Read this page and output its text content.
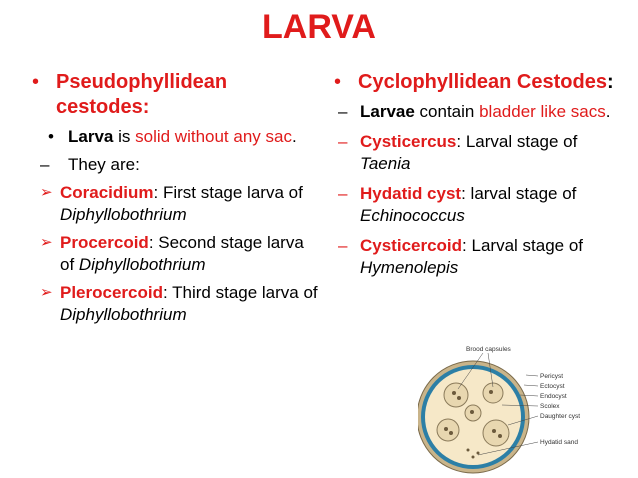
LARVA
• Pseudophyllidean cestodes:
• Larva is solid without any sac.
– They are:
➢ Coracidium: First stage larva of Diphyllobothrium
➢ Procercoid: Second stage larva of Diphyllobothrium
➢ Plerocercoid: Third stage larva of Diphyllobothrium
• Cyclophyllidean Cestodes:
– Larvae contain bladder like sacs.
– Cysticercus: Larval stage of Taenia
– Hydatid cyst: larval stage of Echinococcus
– Cysticercoid: Larval stage of Hymenolepis
Brood capsules
Pericyst
Ectocyst
Endocyst
Scolex
Daughter cyst
Hydatid sand
